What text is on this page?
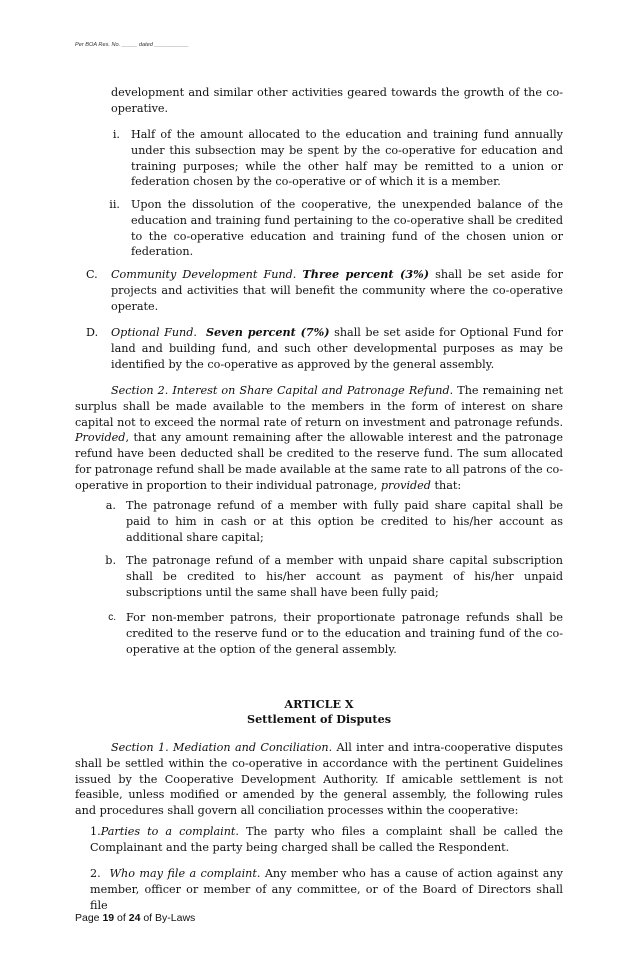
Per BOA Res. No. _____ dated ___________

development and similar other activities geared towards the growth of the co-operative.

i. Half of the amount allocated to the education and training fund annually under this subsection may be spent by the co-operative for education and training purposes; while the other half may be remitted to a union or federation chosen by the co-operative or of which it is a member.
ii. Upon the dissolution of the cooperative, the unexpended balance of the education and training fund pertaining to the co-operative shall be credited to the co-operative education and training fund of the chosen union or federation.
C.	Community Development Fund. Three percent (3%) shall be set aside for projects and activities that will benefit the community where the co-operative operate.
D.	Optional Fund. Seven percent (7%) shall be set aside for Optional Fund for land and building fund, and such other developmental purposes as may be identified by the co-operative as approved by the general assembly.

Section 2. Interest on Share Capital and Patronage Refund. The remaining net surplus shall be made available to the members in the form of interest on share capital not to exceed the normal rate of return on investment and patronage refunds. Provided, that any amount remaining after the allowable interest and the patronage refund have been deducted shall be credited to the reserve fund. The sum allocated for patronage refund shall be made available at the same rate to all patrons of the co-operative in proportion to their individual patronage, provided that:

a. The patronage refund of a member with fully paid share capital shall be paid to him in cash or at this option be credited to his/her account as additional share capital;
b. The patronage refund of a member with unpaid share capital subscription shall be credited to his/her account as payment of his/her unpaid subscriptions until the same shall have been fully paid;
c. For non-member patrons, their proportionate patronage refunds shall be credited to the reserve fund or to the education and training fund of the co-operative at the option of the general assembly.
ARTICLE X
Settlement of Disputes

Section 1. Mediation and Conciliation. All inter and intra-cooperative disputes shall be settled within the co-operative in accordance with the pertinent Guidelines issued by the Cooperative Development Authority. If amicable settlement is not feasible, unless modified or amended by the general assembly, the following rules and procedures shall govern all conciliation processes within the cooperative:

1.Parties to a complaint. The party who files a complaint shall be called the Complainant and the party being charged shall be called the Respondent.
2. Who may file a complaint. Any member who has a cause of action against any member, officer or member of any committee, or of the Board of Directors shall file
Page 19 of 24 of By-Laws
